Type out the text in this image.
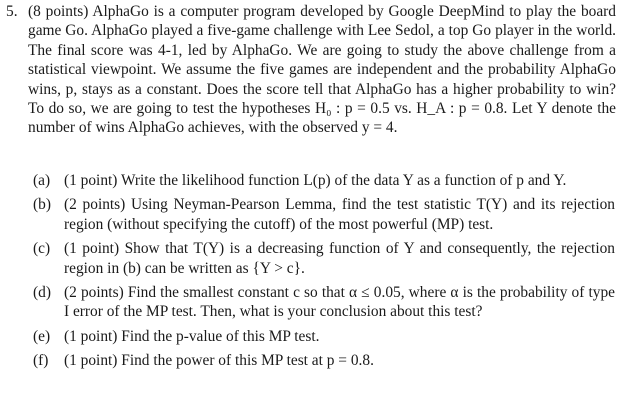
5. (8 points) AlphaGo is a computer program developed by Google DeepMind to play the board game Go. AlphaGo played a five-game challenge with Lee Sedol, a top Go player in the world. The final score was 4-1, led by AlphaGo. We are going to study the above challenge from a statistical viewpoint. We assume the five games are independent and the probability AlphaGo wins, p, stays as a constant. Does the score tell that AlphaGo has a higher probability to win? To do so, we are going to test the hypotheses H₀ : p = 0.5 vs. H_A : p = 0.8. Let Y denote the number of wins AlphaGo achieves, with the observed y = 4.
(a) (1 point) Write the likelihood function L(p) of the data Y as a function of p and Y.
(b) (2 points) Using Neyman-Pearson Lemma, find the test statistic T(Y) and its rejection region (without specifying the cutoff) of the most powerful (MP) test.
(c) (1 point) Show that T(Y) is a decreasing function of Y and consequently, the rejection region in (b) can be written as {Y > c}.
(d) (2 points) Find the smallest constant c so that α ≤ 0.05, where α is the probability of type I error of the MP test. Then, what is your conclusion about this test?
(e) (1 point) Find the p-value of this MP test.
(f)	(1 point) Find the power of this MP test at p = 0.8.
